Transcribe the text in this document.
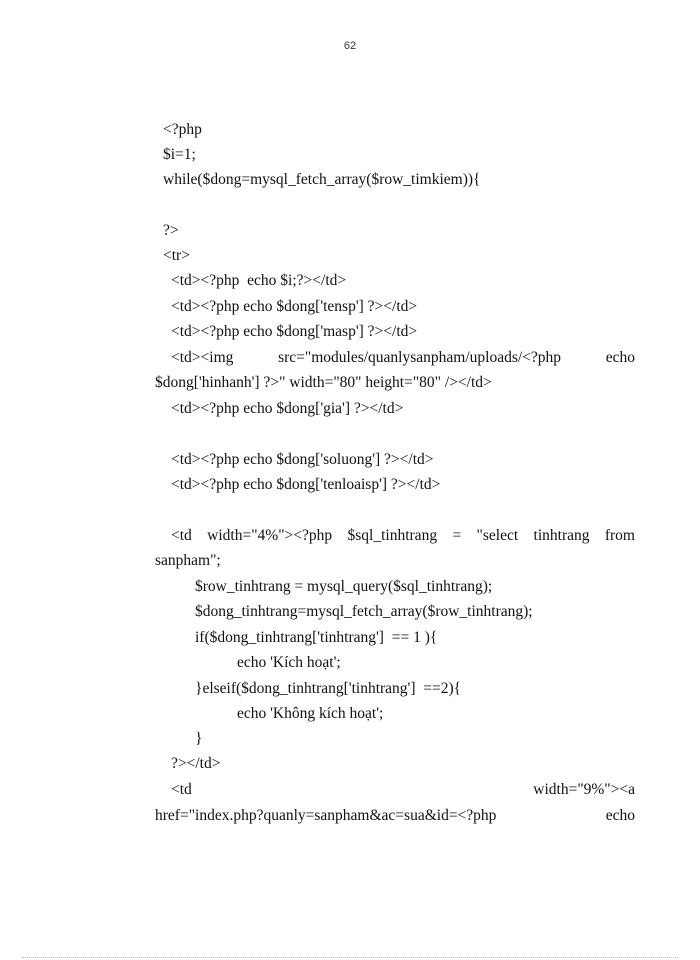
62
<?php
$i=1;
while($dong=mysql_fetch_array($row_timkiem)){
?>
<tr>
<td><?php  echo $i;?></td>
<td><?php echo $dong['tensp'] ?></td>
<td><?php echo $dong['masp'] ?></td>
<td><img	src="modules/quanlysanpham/uploads/<?php	echo
$dong['hinhanh'] ?>" width="80" height="80" /></td>
<td><?php echo $dong['gia'] ?></td>
<td><?php echo $dong['soluong'] ?></td>
<td><?php echo $dong['tenloaisp'] ?></td>
<td width="4%"><?php $sql_tinhtrang = "select tinhtrang from
sanpham";
$row_tinhtrang = mysql_query($sql_tinhtrang);
$dong_tinhtrang=mysql_fetch_array($row_tinhtrang);
if($dong_tinhtrang['tinhtrang']  == 1 ){
echo 'Kích hoạt';
}elseif($dong_tinhtrang['tinhtrang']  ==2){
echo 'Không kích hoạt';
}
?></td>
<td	width="9%"><a
href="index.php?quanly=sanpham&ac=sua&id=<?php	echo
